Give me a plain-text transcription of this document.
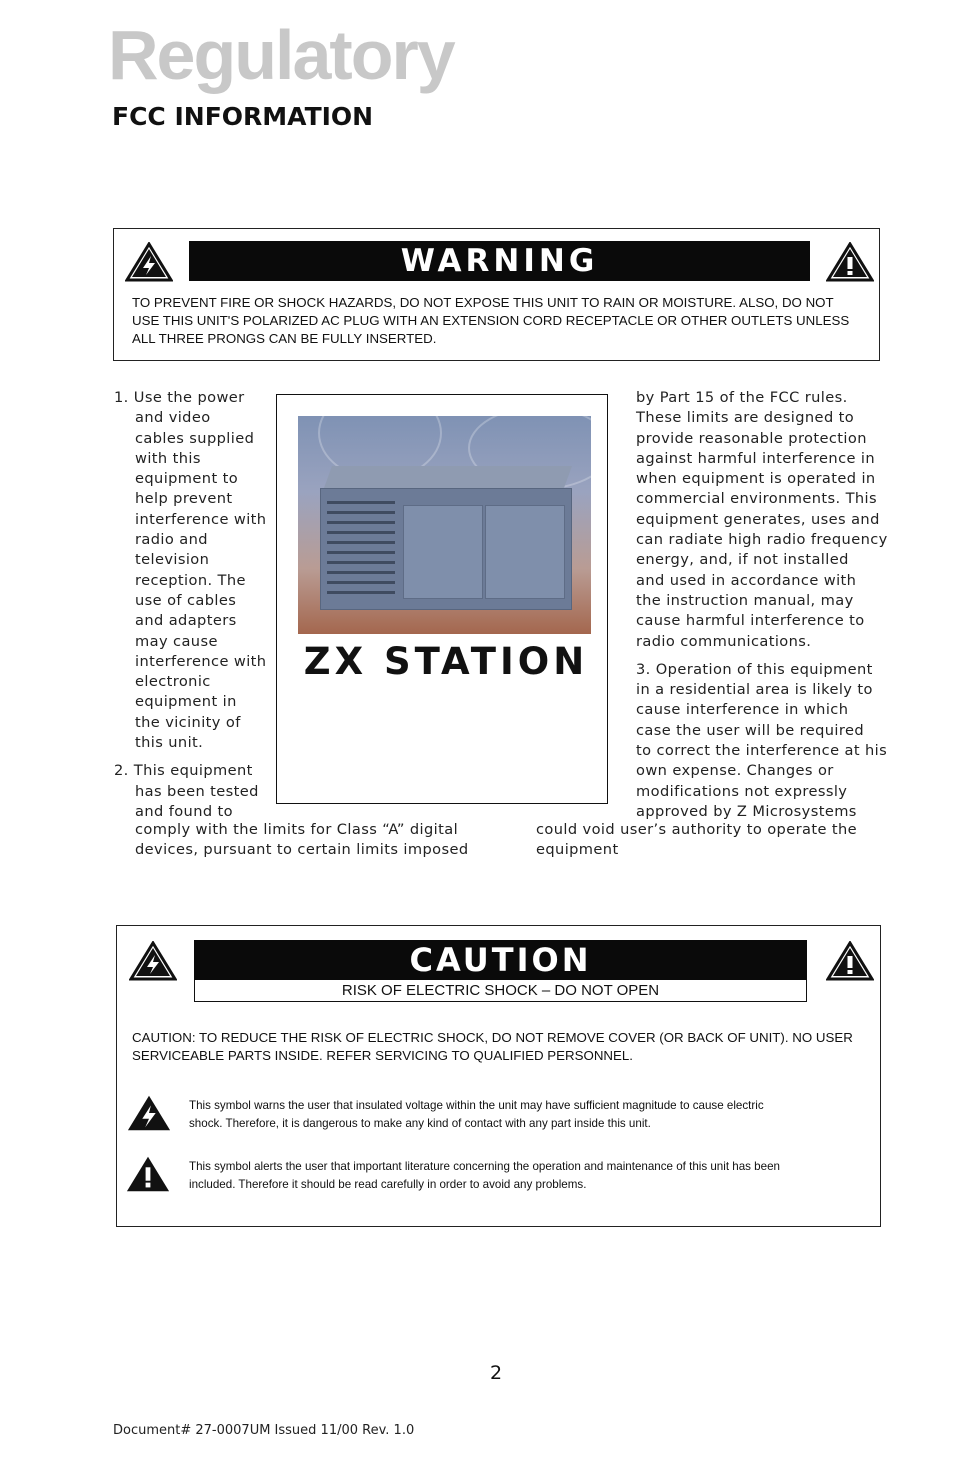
Regulatory
FCC INFORMATION
WARNING
TO PREVENT FIRE OR SHOCK HAZARDS, DO NOT EXPOSE THIS UNIT TO RAIN OR MOISTURE. ALSO, DO NOT
USE THIS UNIT'S POLARIZED AC PLUG WITH AN EXTENSION CORD RECEPTACLE OR OTHER OUTLETS UNLESS
ALL THREE PRONGS CAN BE FULLY INSERTED.
1. Use the power
and video
cables supplied
with this
equipment to
help prevent
interference with
radio and
television
reception. The
use of cables
and adapters
may cause
interference with
electronic
equipment in
the vicinity of
this unit.
2. This equipment
has been tested
and found to
ZX STATION
by Part 15 of the FCC rules.
These limits are designed to
provide reasonable protection
against harmful interference in
when equipment is operated in
commercial environments. This
equipment generates, uses and
can radiate high radio frequency
energy, and, if not installed
and used in accordance with
the instruction manual, may
cause harmful interference to
radio communications.
3. Operation of this equipment
in a residential area is likely to
cause interference in which
case the user will be required
to correct the interference at his
own expense. Changes or
modifications not expressly
approved by Z Microsystems
comply with the limits for Class “A” digital
devices, pursuant to certain limits imposed
could void user’s authority to operate the
equipment
CAUTION
RISK OF ELECTRIC SHOCK – DO NOT OPEN
CAUTION: TO REDUCE THE RISK OF ELECTRIC SHOCK, DO NOT REMOVE COVER (OR BACK OF UNIT). NO USER
SERVICEABLE PARTS INSIDE. REFER SERVICING TO QUALIFIED PERSONNEL.
This symbol warns the user that insulated voltage within the unit may have sufficient magnitude to cause electric
shock. Therefore, it is dangerous to make any kind of contact with any part inside this unit.
This symbol alerts the user that important literature concerning the operation and maintenance of this unit has been
included. Therefore it should be read carefully in order to avoid any problems.
2
Document# 27-0007UM Issued 11/00 Rev. 1.0
